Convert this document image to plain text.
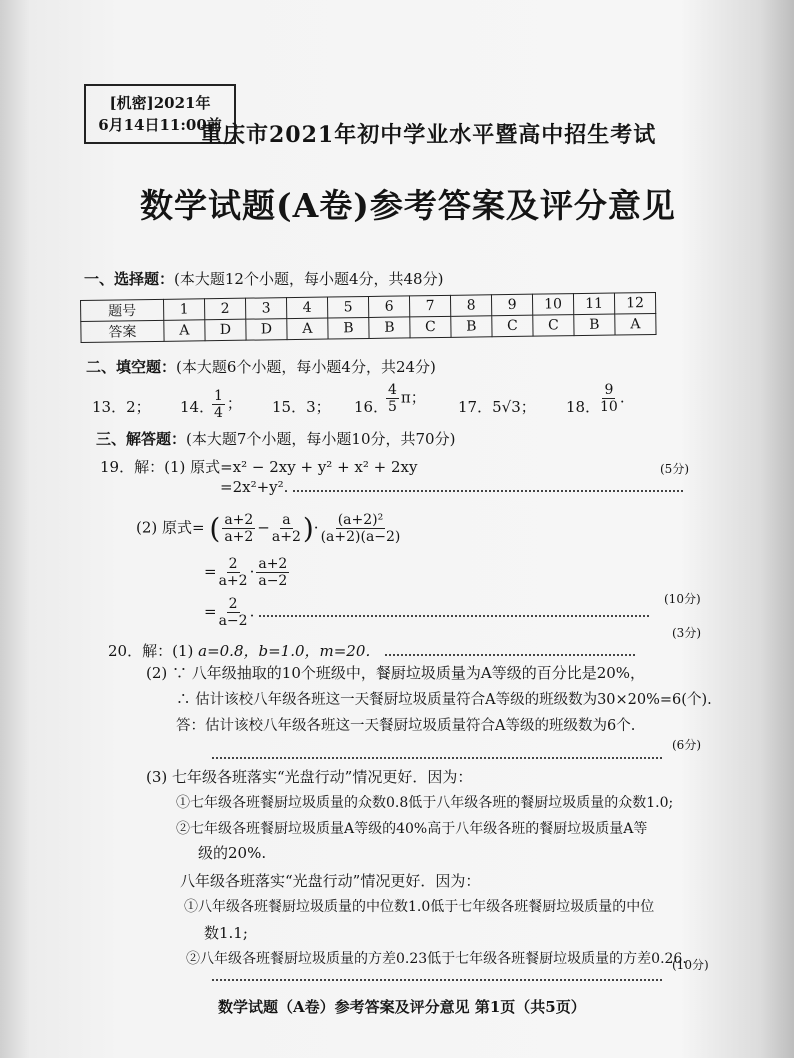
[机密]2021年
6月14日11:00前
重庆市2021年初中学业水平暨高中招生考试
数学试题(A卷)参考答案及评分意见
一、选择题：(本大题12个小题，每小题4分，共48分)
题号	1	2	3	4	5	6	7	8	9	10	11	12
答案	A	D	D	A	B	B	C	B	C	C	B	A
二、填空题：(本大题6个小题，每小题4分，共24分)
13．2； 14．
$\frac{1}{4}$ ； 15．3； 16．
$\frac{4}{5}$ π；
17．5√3； 18． $\frac{9}{10}$ .
三、解答题：(本大题7个小题，每小题10分，共70分)
19．解：(1) 原式=x² − 2xy + y² + x² + 2xy
=2x²+y².
(5分)
(2) 原式= ( $\frac{a+2}{a+2} - \frac{a}{a+2}$ )· $\frac{\text{(a+2)²}}{(a+2)(a-2)}$
= $\frac{2}{a+2} \cdot \frac{a+2}{a-2}$
= $\frac{2}{a-2}$ .
(10分)
20．解：(1) a=0.8，b=1.0，m=20．
(3分)
(2) ∵ 八年级抽取的10个班级中，餐厨垃圾质量为A等级的百分比是20%，
∴ 估计该校八年级各班这一天餐厨垃圾质量符合A等级的班级数为30×20%=6(个).
答：估计该校八年级各班这一天餐厨垃圾质量符合A等级的班级数为6个.
(6分)
(3) 七年级各班落实“光盘行动”情况更好．因为：
①七年级各班餐厨垃圾质量的众数0.8低于八年级各班的餐厨垃圾质量的众数1.0;
②七年级各班餐厨垃圾质量A等级的40%高于八年级各班的餐厨垃圾质量A等
级的20%.
八年级各班落实“光盘行动”情况更好．因为：
①八年级各班餐厨垃圾质量的中位数1.0低于七年级各班餐厨垃圾质量的中位
数1.1;
②八年级各班餐厨垃圾质量的方差0.23低于七年级各班餐厨垃圾质量的方差0.26.
(10分)
数学试题（A卷）参考答案及评分意见 第1页（共5页）
